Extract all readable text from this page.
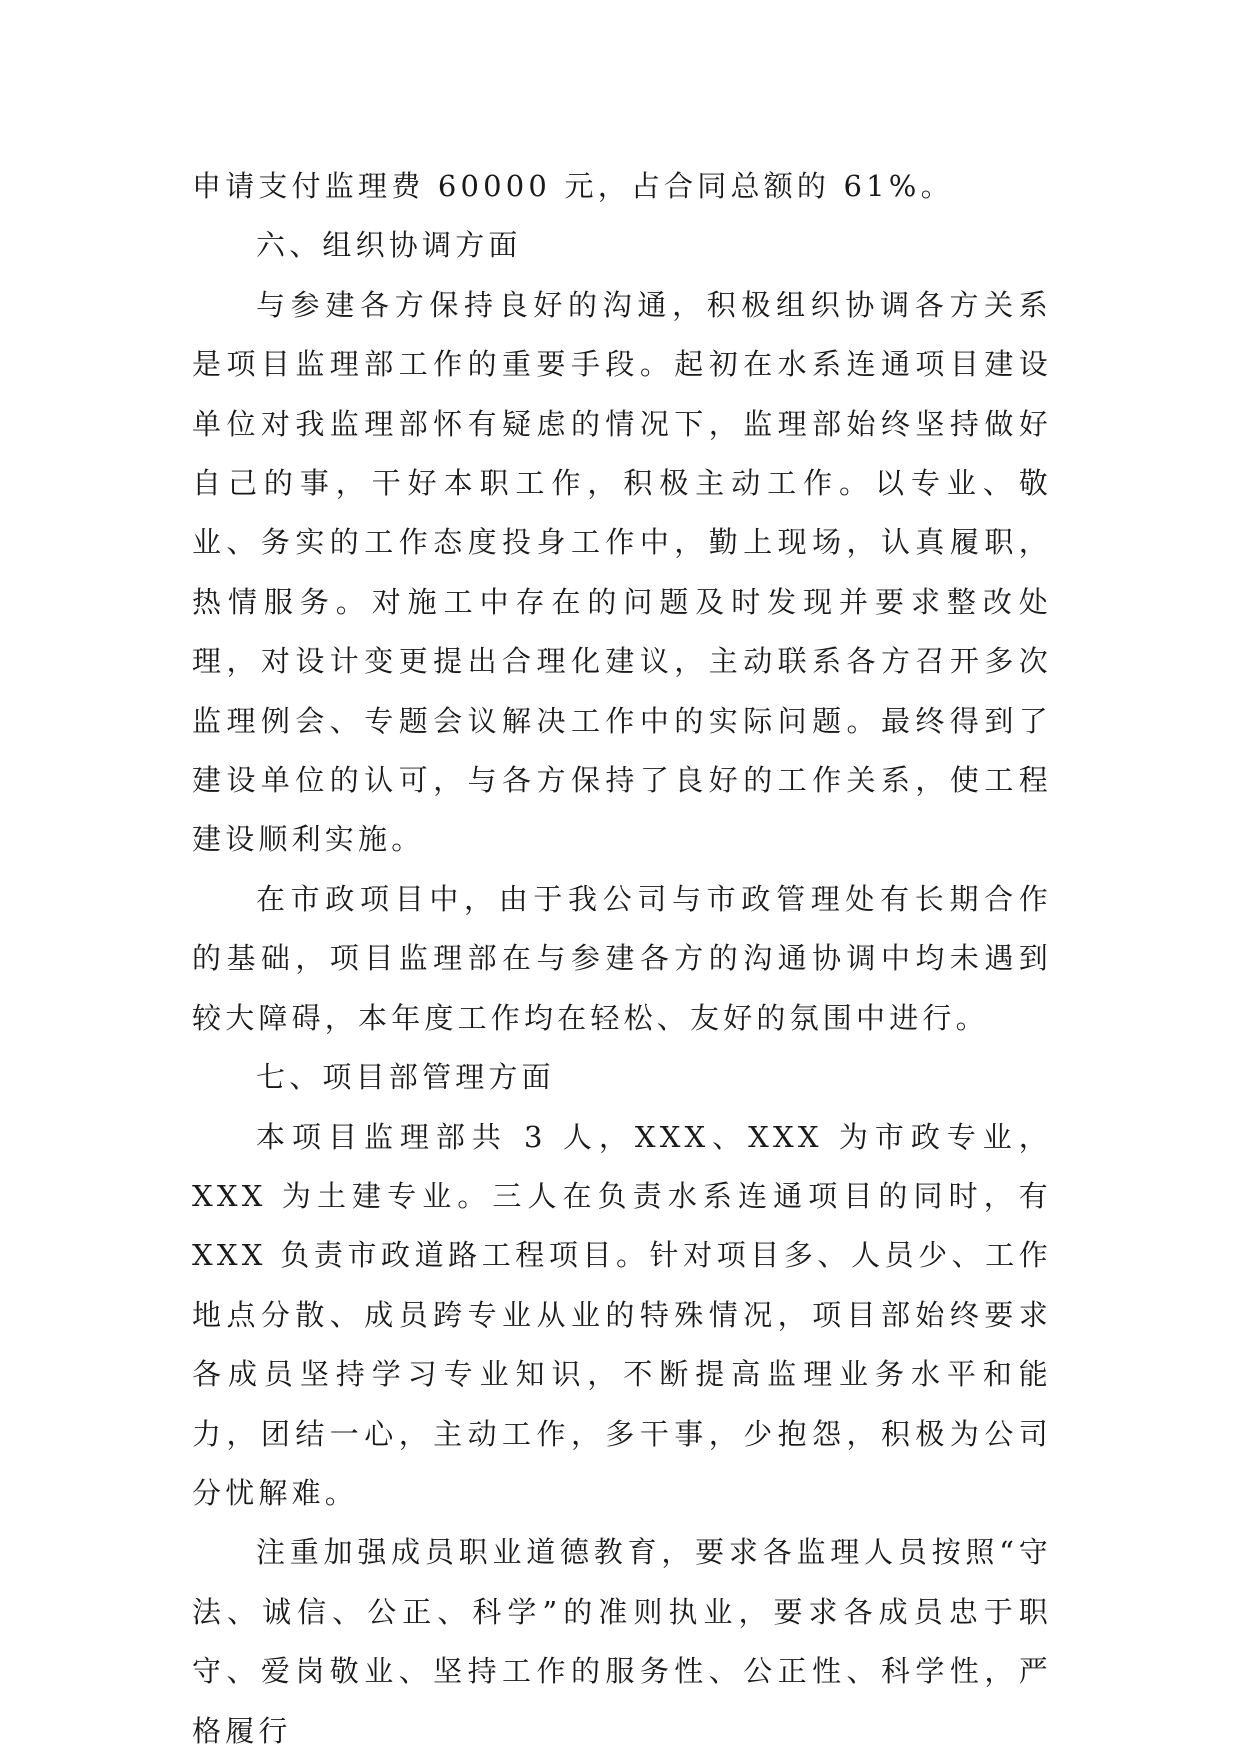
申请支付监理费 60000 元，占合同总额的 61%。

六、组织协调方面

与参建各方保持良好的沟通，积极组织协调各方关系是项目监理部工作的重要手段。起初在水系连通项目建设单位对我监理部怀有疑虑的情况下，监理部始终坚持做好自己的事，干好本职工作，积极主动工作。以专业、敬业、务实的工作态度投身工作中，勤上现场，认真履职，热情服务。对施工中存在的问题及时发现并要求整改处理，对设计变更提出合理化建议，主动联系各方召开多次监理例会、专题会议解决工作中的实际问题。最终得到了建设单位的认可，与各方保持了良好的工作关系，使工程建设顺利实施。

在市政项目中，由于我公司与市政管理处有长期合作的基础，项目监理部在与参建各方的沟通协调中均未遇到较大障碍，本年度工作均在轻松、友好的氛围中进行。

七、项目部管理方面

本项目监理部共 3 人，XXX、XXX 为市政专业，XXX 为土建专业。三人在负责水系连通项目的同时，有 XXX 负责市政道路工程项目。针对项目多、人员少、工作地点分散、成员跨专业从业的特殊情况，项目部始终要求各成员坚持学习专业知识，不断提高监理业务水平和能力，团结一心，主动工作，多干事，少抱怨，积极为公司分忧解难。

注重加强成员职业道德教育，要求各监理人员按照“守法、诚信、公正、科学”的准则执业，要求各成员忠于职守、爱岗敬业、坚持工作的服务性、公正性、科学性，严格履行
